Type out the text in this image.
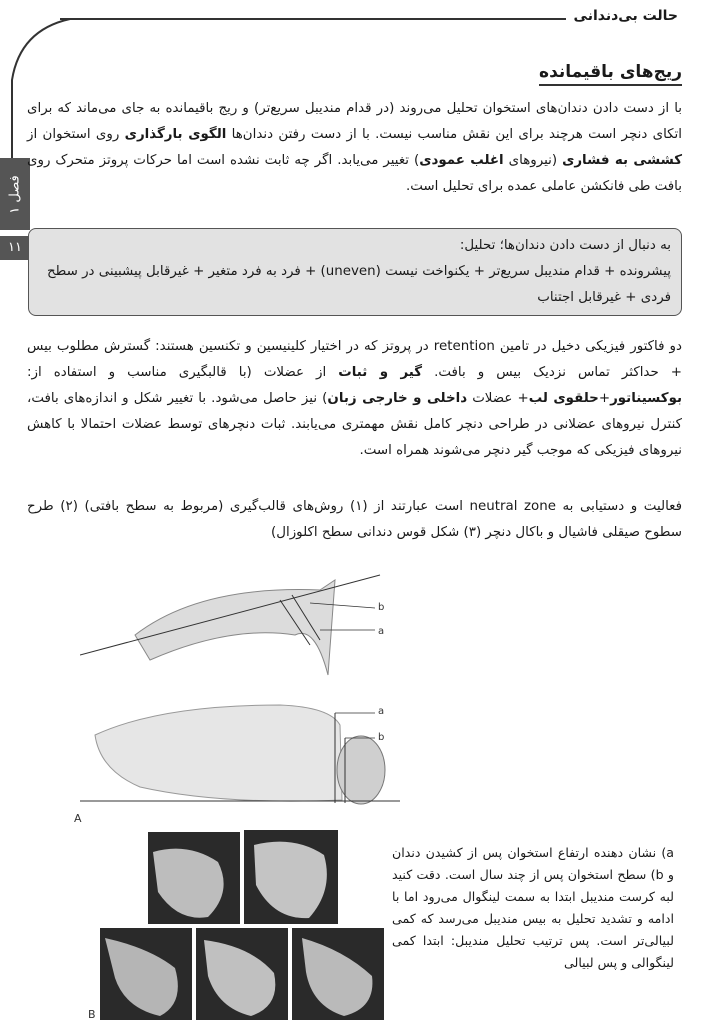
حالت بی‌دندانی
فصل ۱
۱۱
ریج‌های باقیمانده
با از دست دادن دندان‌های استخوان تحلیل می‌روند (در قدام مندیبل سریع‌تر) و ریج باقیمانده به جای می‌ماند که برای اتکای دنچر است هرچند برای این نقش مناسب نیست. با از دست رفتن دندان‌ها الگوی بارگذاری روی استخوان از کششی به فشاری (نیروهای اغلب عمودی) تغییر می‌یابد. اگر چه ثابت نشده است اما حرکات پروتز متحرک روی بافت طی فانکشن عاملی عمده برای تحلیل است.
به دنبال از دست دادن دندان‌ها؛ تحلیل:
پیشرونده + قدام مندیبل سریع‌تر + یکنواخت نیست (uneven) + فرد به فرد متغیر + غیرقابل پیشبینی در سطح فردی + غیرقابل اجتناب
دو فاکتور فیزیکی دخیل در تامین retention در پروتز که در اختیار کلینیسین و تکنسین هستند: گسترش مطلوب بیس + حداکثر تماس نزدیک بیس و بافت. گیر و ثبات از عضلات (با قالبگیری مناسب و استفاده از: بوکسیناتور+حلقوی لب+ عضلات داخلی و خارجی زبان) نیز حاصل می‌شود. با تغییر شکل و اندازه‌های بافت، کنترل نیروهای عضلانی در طراحی دنچر کامل نقش مهمتری می‌یابند. ثبات دنچرهای توسط عضلات احتمالا با کاهش نیروهای فیزیکی که موجب گیر دنچر می‌شوند همراه است.
فعالیت و دستیابی به neutral zone است عبارتند از (۱) روش‌های قالب‌گیری (مربوط به سطح بافتی) (۲) طرح سطوح صیقلی فاشیال و باکال دنچر (۳) شکل قوس دندانی سطح اکلوزال)
b
a
a
b
A
B
a) نشان دهنده ارتفاع استخوان پس از کشیدن دندان و b) سطح استخوان پس از چند سال است. دقت کنید لبه کرست مندیبل ابتدا به سمت لینگوال می‌رود اما با ادامه و تشدید تحلیل به بیس مندیبل می‌رسد که کمی لبیالی‌تر است. پس ترتیب تحلیل مندیبل: ابتدا کمی لینگوالی و پس لبیالی
